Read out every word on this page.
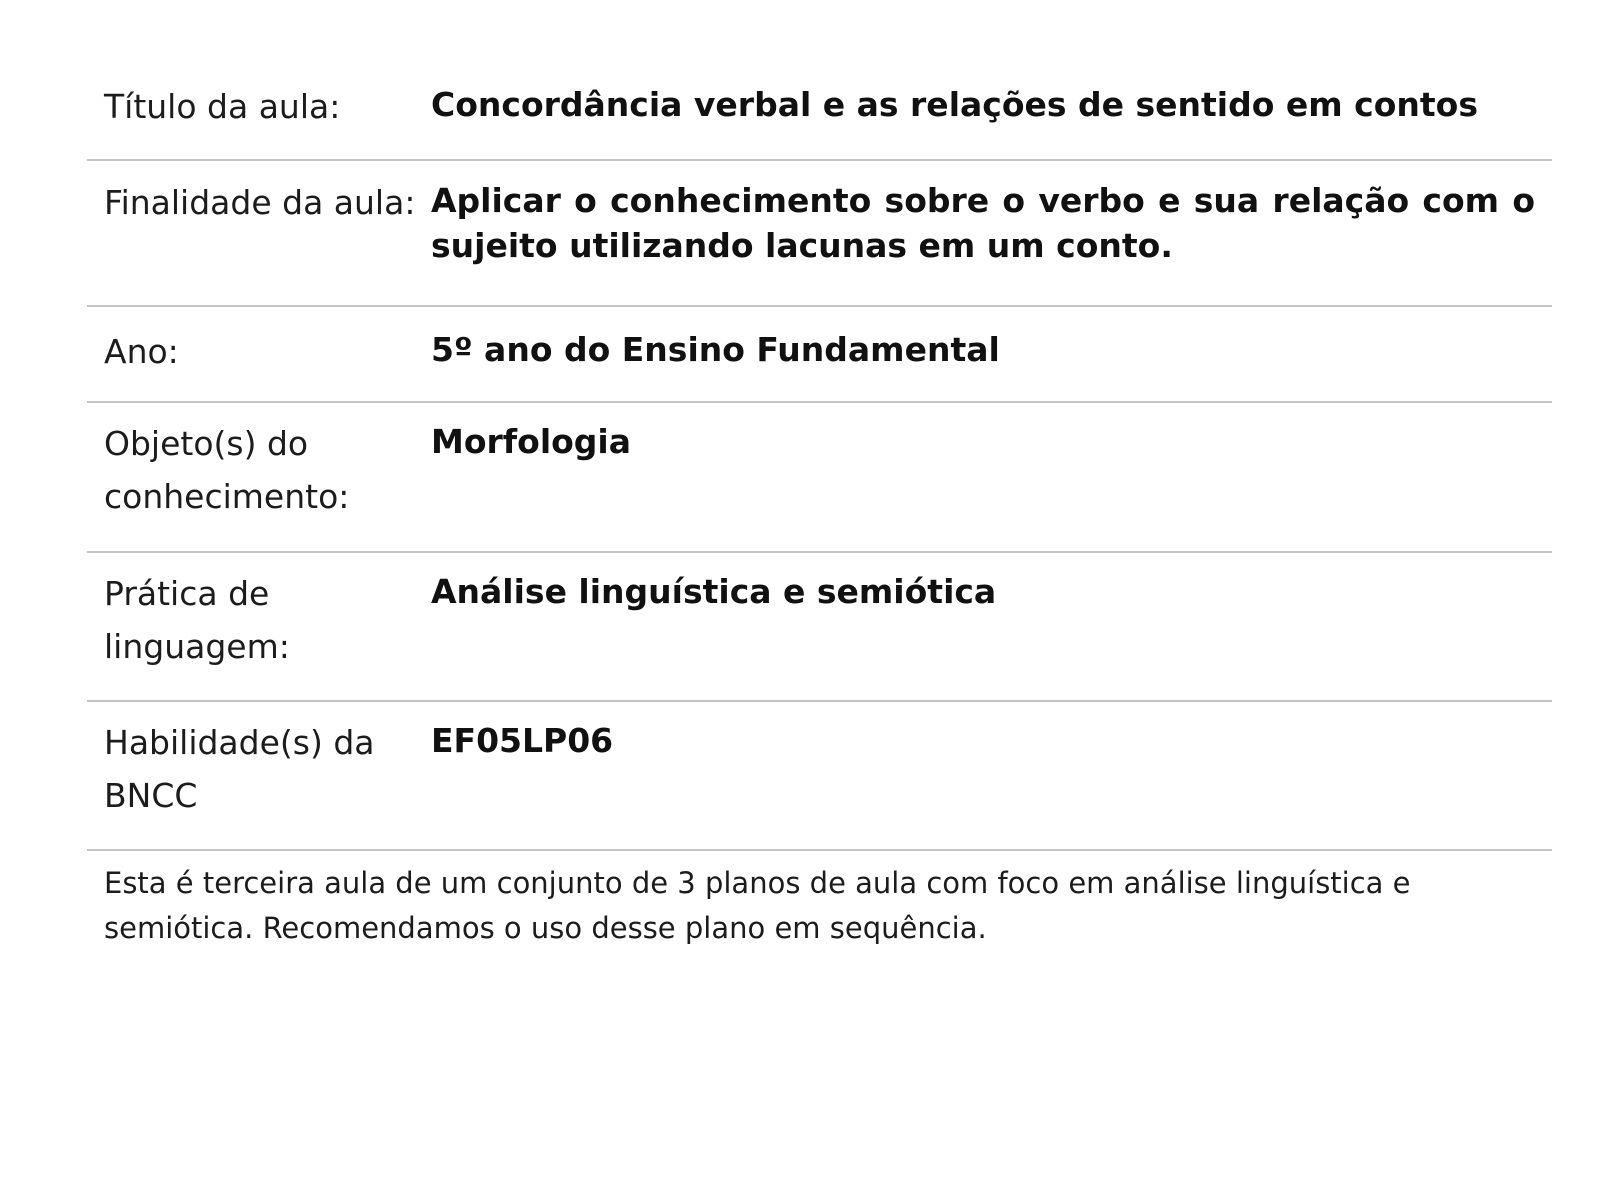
Título da aula:	Concordância verbal e as relações de sentido em contos
Finalidade da aula: Aplicar o conhecimento sobre o verbo e sua relação com o sujeito utilizando lacunas em um conto.
Ano:	5º ano do Ensino Fundamental
Objeto(s) do conhecimento:
Morfologia
Prática de linguagem:
Análise linguística e semiótica
Habilidade(s) da BNCC
EF05LP06
Esta é terceira aula de um conjunto de 3 planos de aula com foco em análise linguística e semiótica. Recomendamos o uso desse plano em sequência.
